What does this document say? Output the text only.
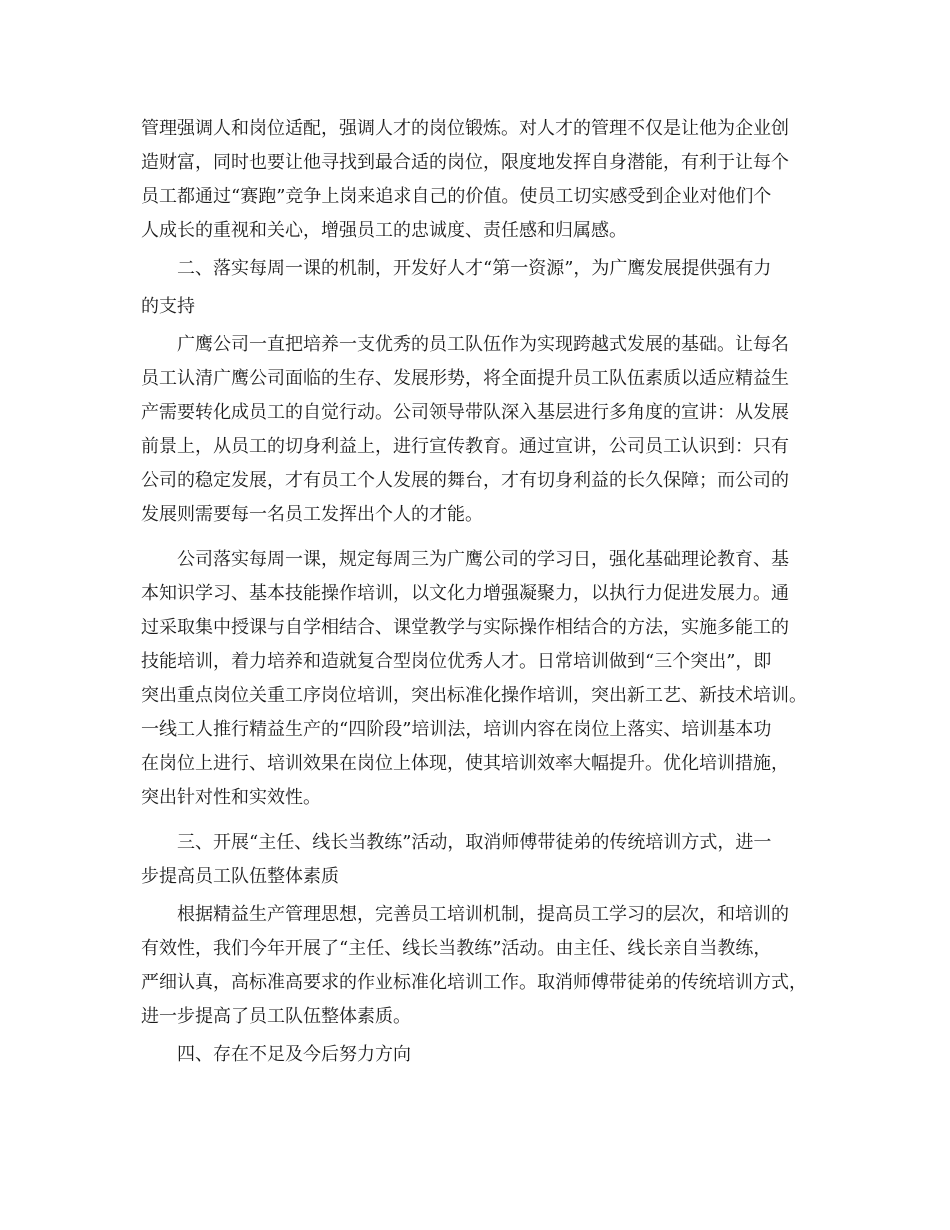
管理强调人和岗位适配，强调人才的岗位锻炼。对人才的管理不仅是让他为企业创
造财富，同时也要让他寻找到最合适的岗位，限度地发挥自身潜能，有利于让每个
员工都通过“赛跑”竞争上岗来追求自己的价值。使员工切实感受到企业对他们个
人成长的重视和关心，增强员工的忠诚度、责任感和归属感。
二、落实每周一课的机制，开发好人才“第一资源”，为广鹰发展提供强有力
的支持
广鹰公司一直把培养一支优秀的员工队伍作为实现跨越式发展的基础。让每名
员工认清广鹰公司面临的生存、发展形势，将全面提升员工队伍素质以适应精益生
产需要转化成员工的自觉行动。公司领导带队深入基层进行多角度的宣讲：从发展
前景上，从员工的切身利益上，进行宣传教育。通过宣讲，公司员工认识到：只有
公司的稳定发展，才有员工个人发展的舞台，才有切身利益的长久保障；而公司的
发展则需要每一名员工发挥出个人的才能。
公司落实每周一课，规定每周三为广鹰公司的学习日，强化基础理论教育、基
本知识学习、基本技能操作培训，以文化力增强凝聚力，以执行力促进发展力。通
过采取集中授课与自学相结合、课堂教学与实际操作相结合的方法，实施多能工的
技能培训，着力培养和造就复合型岗位优秀人才。日常培训做到“三个突出”，即
突出重点岗位关重工序岗位培训，突出标准化操作培训，突出新工艺、新技术培训。
一线工人推行精益生产的“四阶段”培训法，培训内容在岗位上落实、培训基本功
在岗位上进行、培训效果在岗位上体现，使其培训效率大幅提升。优化培训措施，
突出针对性和实效性。
三、开展“主任、线长当教练”活动，取消师傅带徒弟的传统培训方式，进一
步提高员工队伍整体素质
根据精益生产管理思想，完善员工培训机制，提高员工学习的层次，和培训的
有效性，我们今年开展了“主任、线长当教练”活动。由主任、线长亲自当教练，
严细认真，高标准高要求的作业标准化培训工作。取消师傅带徒弟的传统培训方式，
进一步提高了员工队伍整体素质。
四、存在不足及今后努力方向
